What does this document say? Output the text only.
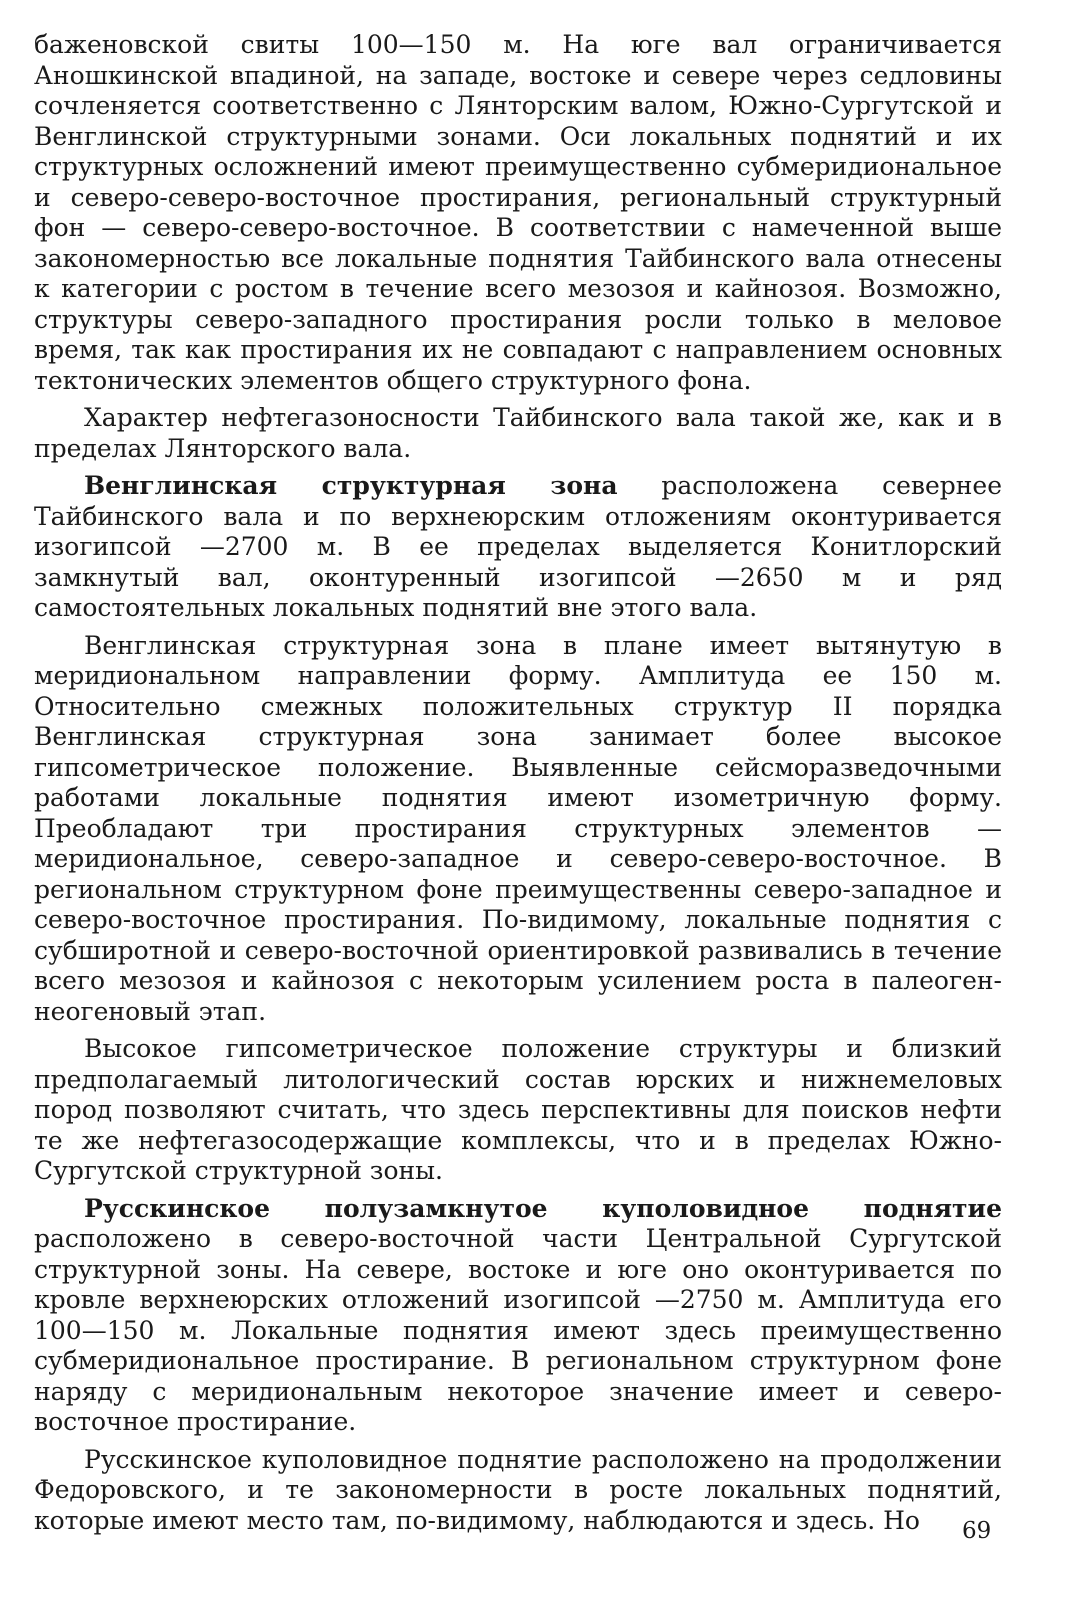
баженовской свиты 100—150 м. На юге вал ограничивается Аношкинской впадиной, на западе, востоке и севере через седловины сочленяется соответственно с Лянторским валом, Южно-Сургутской и Венглинской структурными зонами. Оси локальных поднятий и их структурных осложнений имеют преимущественно субмеридиональное и северо-северо-восточное простирания, региональный структурный фон — северо-северо-восточное. В соответствии с намеченной выше закономерностью все локальные поднятия Тайбинского вала отнесены к категории с ростом в течение всего мезозоя и кайнозоя. Возможно, структуры северо-западного простирания росли только в меловое время, так как простирания их не совпадают с направлением основных тектонических элементов общего структурного фона.

Характер нефтегазоносности Тайбинского вала такой же, как и в пределах Лянторского вала.

Венглинская структурная зона расположена севернее Тайбинского вала и по верхнеюрским отложениям оконтуривается изогипсой —2700 м. В ее пределах выделяется Конитлорский замкнутый вал, оконтуренный изогипсой —2650 м и ряд самостоятельных локальных поднятий вне этого вала.

Венглинская структурная зона в плане имеет вытянутую в меридиональном направлении форму. Амплитуда ее 150 м. Относительно смежных положительных структур II порядка Венглинская структурная зона занимает более высокое гипсометрическое положение. Выявленные сейсморазведочными работами локальные поднятия имеют изометричную форму. Преобладают три простирания структурных элементов — меридиональное, северо-западное и северо-северо-восточное. В региональном структурном фоне преимущественны северо-западное и северо-восточное простирания. По-видимому, локальные поднятия с субширотной и северо-восточной ориентировкой развивались в течение всего мезозоя и кайнозоя с некоторым усилением роста в палеоген-неогеновый этап.

Высокое гипсометрическое положение структуры и близкий предполагаемый литологический состав юрских и нижнемеловых пород позволяют считать, что здесь перспективны для поисков нефти те же нефтегазосодержащие комплексы, что и в пределах Южно-Сургутской структурной зоны.

Русскинское полузамкнутое куполовидное поднятие расположено в северо-восточной части Центральной Сургутской структурной зоны. На севере, востоке и юге оно оконтуривается по кровле верхнеюрских отложений изогипсой —2750 м. Амплитуда его 100—150 м. Локальные поднятия имеют здесь преимущественно субмеридиональное простирание. В региональном структурном фоне наряду с меридиональным некоторое значение имеет и северо-восточное простирание.

Русскинское куполовидное поднятие расположено на продолжении Федоровского, и те закономерности в росте локальных поднятий, которые имеют место там, по-видимому, наблюдаются и здесь. Но	69
